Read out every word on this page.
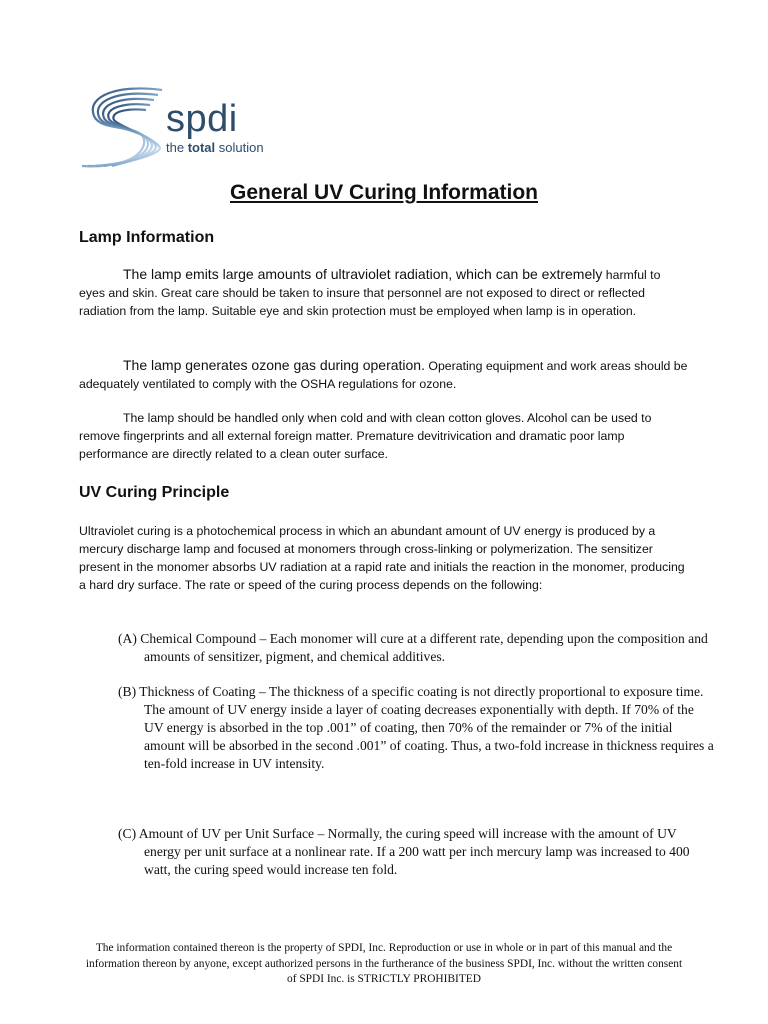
spdi
the total solution
General UV Curing Information
Lamp Information

The lamp emits large amounts of ultraviolet radiation, which can be extremely harmful to eyes and skin. Great care should be taken to insure that personnel are not exposed to direct or reflected radiation from the lamp. Suitable eye and skin protection must be employed when lamp is in operation.

The lamp generates ozone gas during operation. Operating equipment and work areas should be adequately ventilated to comply with the OSHA regulations for ozone.

The lamp should be handled only when cold and with clean cotton gloves. Alcohol can be used to remove fingerprints and all external foreign matter. Premature devitrivication and dramatic poor lamp performance are directly related to a clean outer surface.

UV Curing Principle

Ultraviolet curing is a photochemical process in which an abundant amount of UV energy is produced by a mercury discharge lamp and focused at monomers through cross-linking or polymerization. The sensitizer present in the monomer absorbs UV radiation at a rapid rate and initials the reaction in the monomer, producing a hard dry surface. The rate or speed of the curing process depends on the following:

(A) Chemical Compound – Each monomer will cure at a different rate, depending upon the composition and amounts of sensitizer, pigment, and chemical additives.

(B) Thickness of Coating – The thickness of a specific coating is not directly proportional to exposure time. The amount of UV energy inside a layer of coating decreases exponentially with depth. If 70% of the UV energy is absorbed in the top .001” of coating, then 70% of the remainder or 7% of the initial amount will be absorbed in the second .001” of coating. Thus, a two-fold increase in thickness requires a ten-fold increase in UV intensity.

(C) Amount of UV per Unit Surface – Normally, the curing speed will increase with the amount of UV energy per unit surface at a nonlinear rate. If a 200 watt per inch mercury lamp was increased to 400 watt, the curing speed would increase ten fold.

The information contained thereon is the property of SPDI, Inc. Reproduction or use in whole or in part of this manual and the information thereon by anyone, except authorized persons in the furtherance of the business SPDI, Inc. without the written consent of SPDI Inc. is STRICTLY PROHIBITED
